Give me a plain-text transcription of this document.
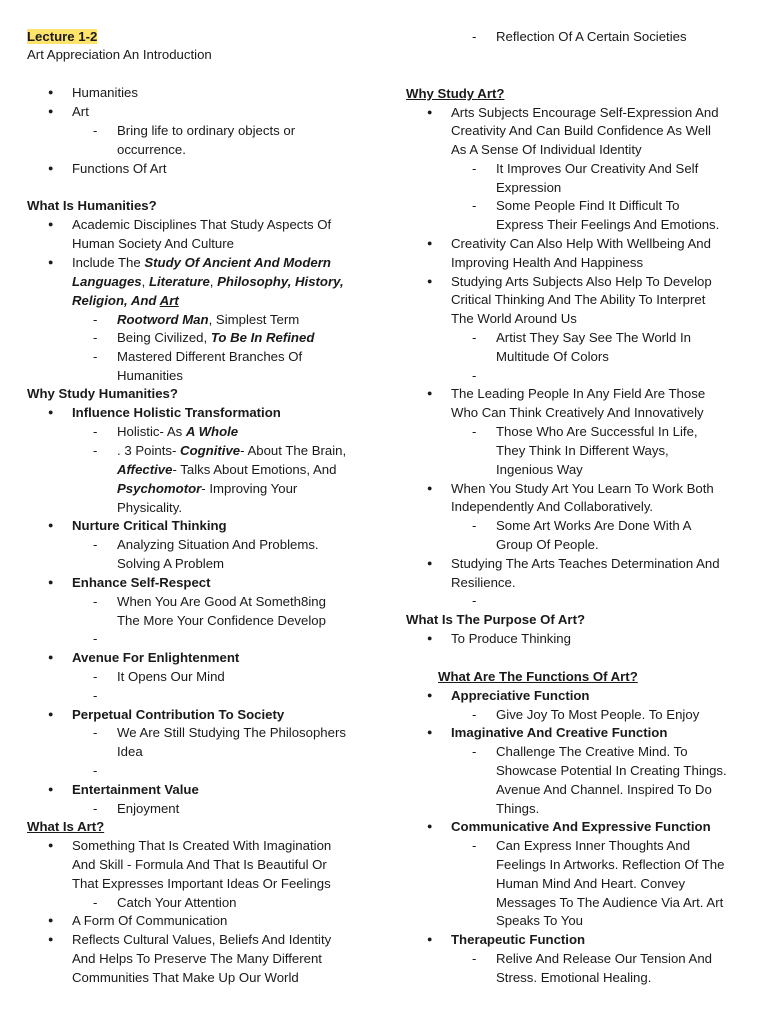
Lecture 1-2
Art Appreciation An Introduction
● Humanities
● Art
- Bring life to ordinary objects or
occurrence.
● Functions Of Art
What Is Humanities?
● Academic Disciplines That Study Aspects Of
Human Society And Culture
● Include The Study Of Ancient And Modern
Languages, Literature, Philosophy, History,
Religion, And Art
- Rootword Man, Simplest Term
- Being Civilized, To Be In Refined
- Mastered Different Branches Of
Humanities
Why Study Humanities?
● Influence Holistic Transformation
- Holistic- As A Whole
- . 3 Points- Cognitive- About The Brain,
Affective- Talks About Emotions, And
Psychomotor- Improving Your
Physicality.
● Nurture Critical Thinking
- Analyzing Situation And Problems.
Solving A Problem
● Enhance Self-Respect
- When You Are Good At Someth8ing
The More Your Confidence Develop
● Avenue For Enlightenment
- It Opens Our Mind
● Perpetual Contribution To Society
- We Are Still Studying The Philosophers
Idea
● Entertainment Value
- Enjoyment
What Is Art?
● Something That Is Created With Imagination
And Skill - Formula And That Is Beautiful Or
That Expresses Important Ideas Or Feelings
- Catch Your Attention
● A Form Of Communication
● Reflects Cultural Values, Beliefs And Identity
And Helps To Preserve The Many Different
Communities That Make Up Our World
- Reflection Of A Certain Societies
Why Study Art?
● Arts Subjects Encourage Self-Expression And
Creativity And Can Build Confidence As Well
As A Sense Of Individual Identity
- It Improves Our Creativity And Self
Expression
- Some People Find It Difficult To
Express Their Feelings And Emotions.
● Creativity Can Also Help With Wellbeing And
Improving Health And Happiness
● Studying Arts Subjects Also Help To Develop
Critical Thinking And The Ability To Interpret
The World Around Us
- Artist They Say See The World In
Multitude Of Colors
● The Leading People In Any Field Are Those
Who Can Think Creatively And Innovatively
- Those Who Are Successful In Life,
They Think In Different Ways,
Ingenious Way
● When You Study Art You Learn To Work Both
Independently And Collaboratively.
- Some Art Works Are Done With A
Group Of People.
● Studying The Arts Teaches Determination And
Resilience.
What Is The Purpose Of Art?
● To Produce Thinking
What Are The Functions Of Art?
● Appreciative Function
- Give Joy To Most People. To Enjoy
● Imaginative And Creative Function
- Challenge The Creative Mind. To
Showcase Potential In Creating Things.
Avenue And Channel. Inspired To Do
Things.
● Communicative And Expressive Function
- Can Express Inner Thoughts And
Feelings In Artworks. Reflection Of The
Human Mind And Heart. Convey
Messages To The Audience Via Art. Art
Speaks To You
● Therapeutic Function
- Relive And Release Our Tension And
Stress. Emotional Healing.
